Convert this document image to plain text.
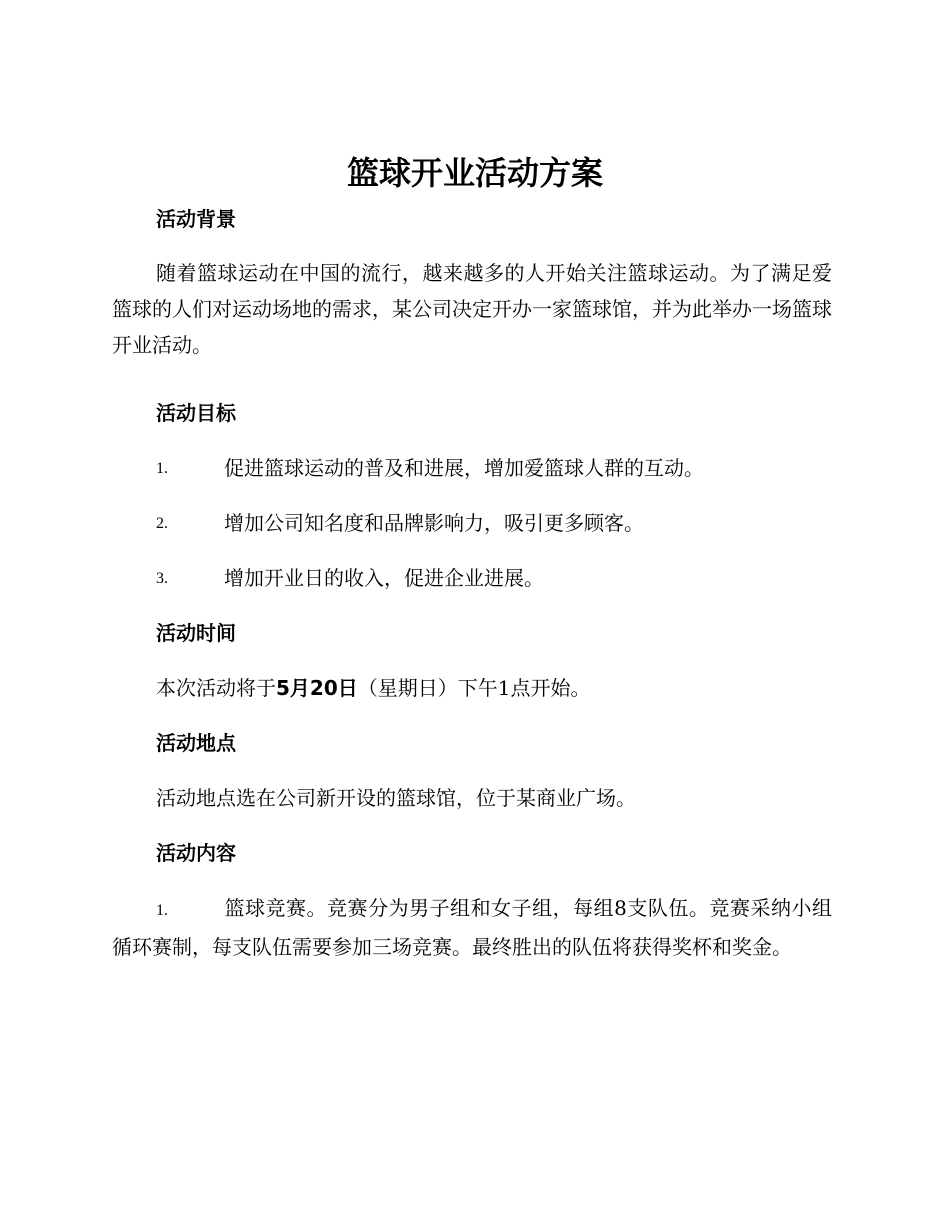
篮球开业活动方案
活动背景
随着篮球运动在中国的流行，越来越多的人开始关注篮球运动。为了满足爱篮球的人们对运动场地的需求，某公司决定开办一家篮球馆，并为此举办一场篮球开业活动。
活动目标
1.	促进篮球运动的普及和进展，增加爱篮球人群的互动。
2.	增加公司知名度和品牌影响力，吸引更多顾客。
3.	增加开业日的收入，促进企业进展。
活动时间
本次活动将于5月20日（星期日）下午1点开始。
活动地点
活动地点选在公司新开设的篮球馆，位于某商业广场。
活动内容
1.	篮球竞赛。竞赛分为男子组和女子组，每组8支队伍。竞赛采纳小组循环赛制，每支队伍需要参加三场竞赛。最终胜出的队伍将获得奖杯和奖金。
